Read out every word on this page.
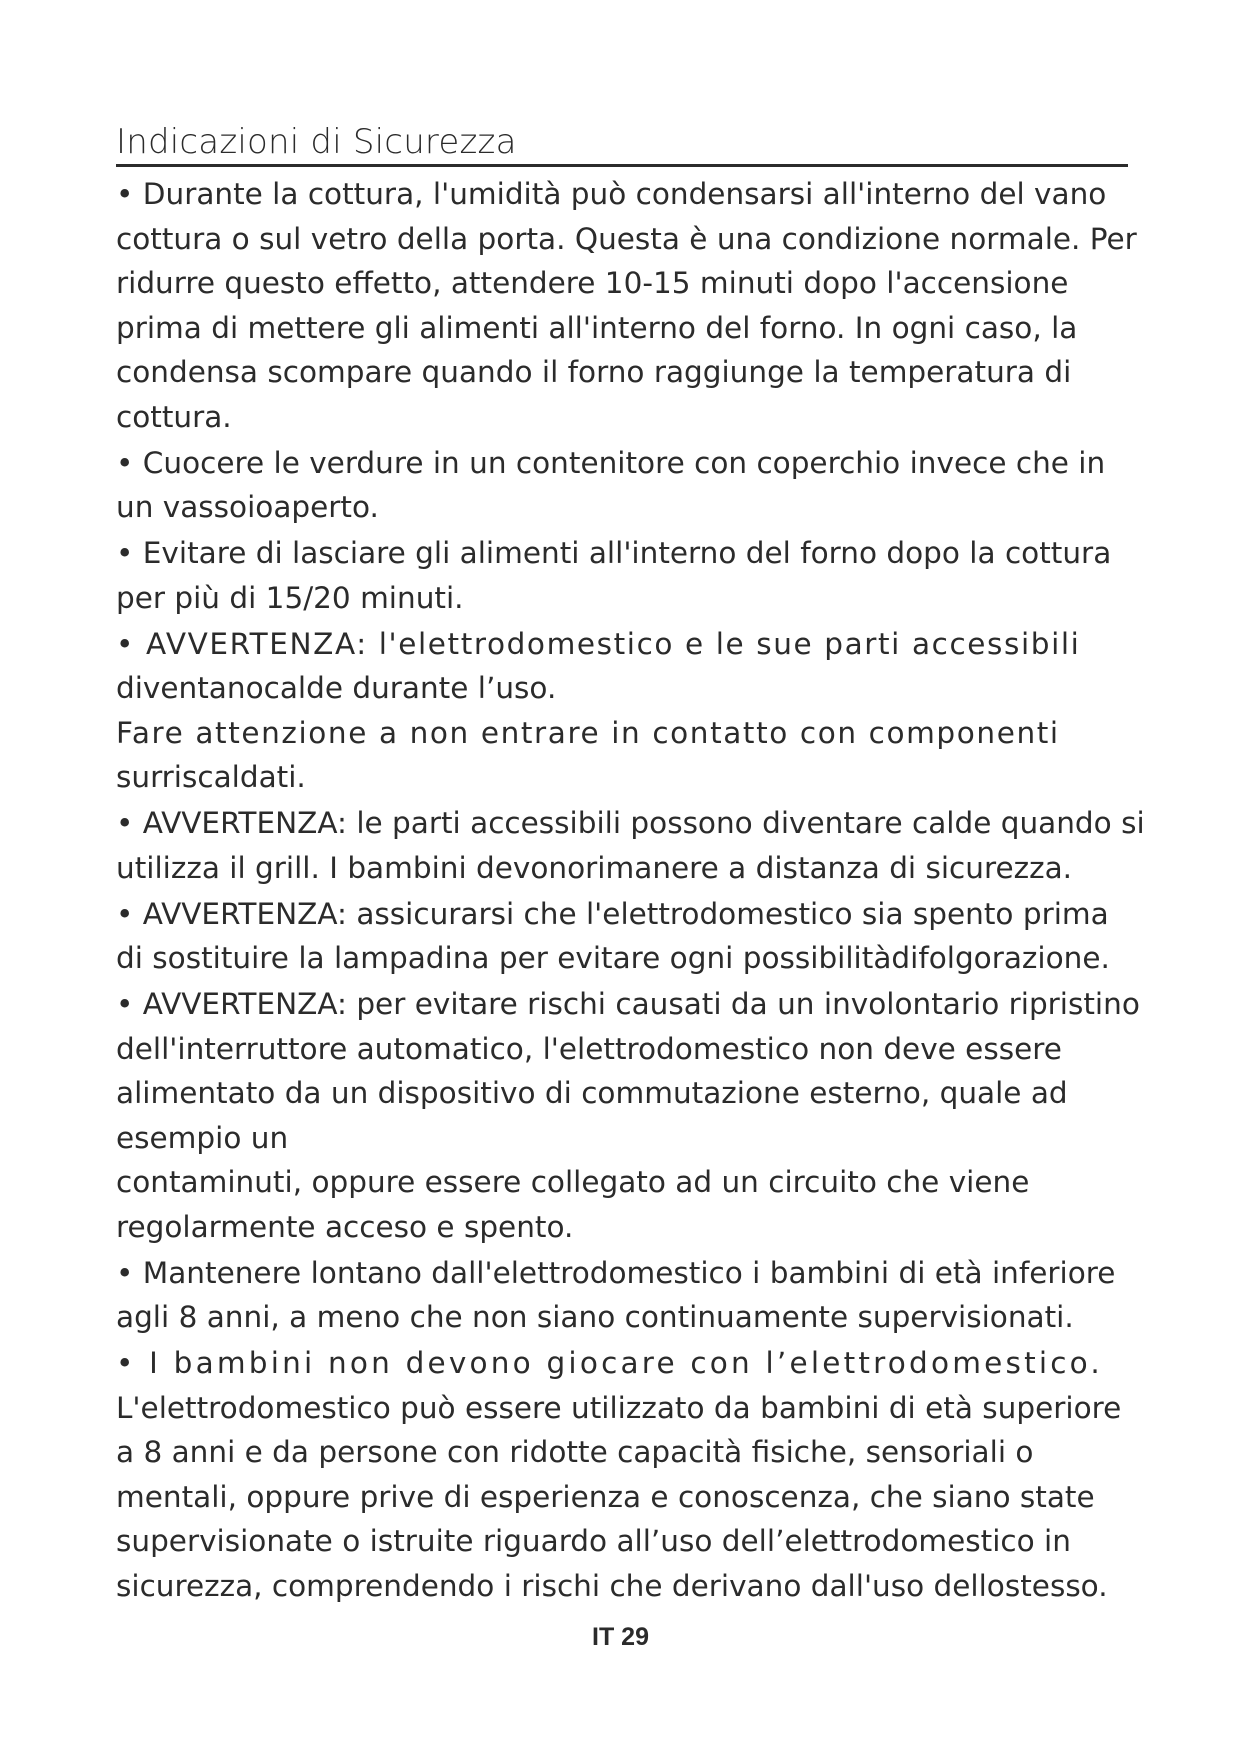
Indicazioni di Sicurezza
• Durante la cottura, l'umidità può condensarsi all'interno del vano
cottura o sul vetro della porta. Questa è una condizione normale. Per
ridurre questo effetto, attendere 10-15 minuti dopo l'accensione
prima di mettere gli alimenti all'interno del forno. In ogni caso, la
condensa scompare quando il forno raggiunge la temperatura di
cottura.
• Cuocere le verdure in un contenitore con coperchio invece che in
un vassoioaperto.
• Evitare di lasciare gli alimenti all'interno del forno dopo la cottura
per più di 15/20 minuti.
• AVVERTENZA: l'elettrodomestico e le sue parti accessibili
diventanocalde durante l’uso.
Fare attenzione a non entrare in contatto con componenti
surriscaldati.
• AVVERTENZA: le parti accessibili possono diventare calde quando si
utilizza il grill. I bambini devonorimanere a distanza di sicurezza.
• AVVERTENZA: assicurarsi che l'elettrodomestico sia spento prima
di sostituire la lampadina per evitare ogni possibilitàdifolgorazione.
• AVVERTENZA: per evitare rischi causati da un involontario ripristino
dell'interruttore automatico, l'elettrodomestico non deve essere
alimentato da un dispositivo di commutazione esterno, quale ad
esempio un
contaminuti, oppure essere collegato ad un circuito che viene
regolarmente acceso e spento.
• Mantenere lontano dall'elettrodomestico i bambini di età inferiore
agli 8 anni, a meno che non siano continuamente supervisionati.
• I bambini non devono giocare con l’elettrodomestico.
L'elettrodomestico può essere utilizzato da bambini di età superiore
a 8 anni e da persone con ridotte capacità fisiche, sensoriali o
mentali, oppure prive di esperienza e conoscenza, che siano state
supervisionate o istruite riguardo all’uso dell’elettrodomestico in
sicurezza, comprendendo i rischi che derivano dall'uso dellostesso.
IT 29
